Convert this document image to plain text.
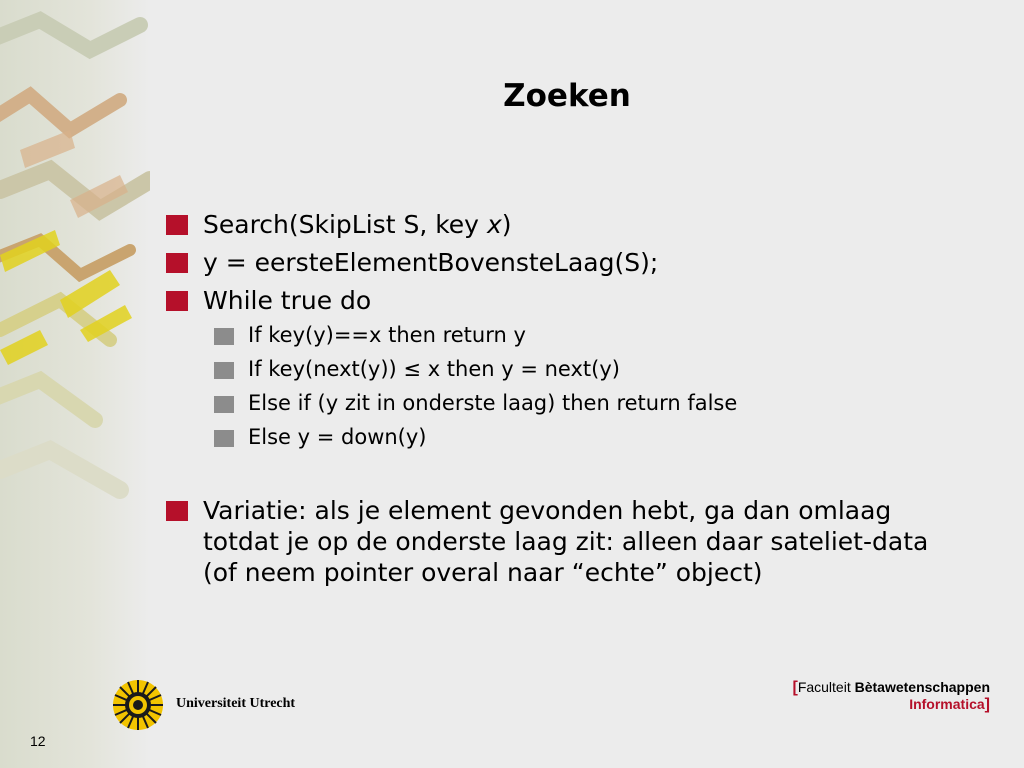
Zoeken
Search(SkipList S, key x)
y = eersteElementBovensteLaag(S);
While true do
If key(y)==x then return y
If key(next(y)) ≤ x then y = next(y)
Else if (y zit in onderste laag) then return false
Else y = down(y)
Variatie: als je element gevonden hebt, ga dan omlaag totdat je op de onderste laag zit: alleen daar sateliet-data (of neem pointer overal naar “echte” object)
Universiteit Utrecht
[Faculteit Bètawetenschappen
Informatica]
12
